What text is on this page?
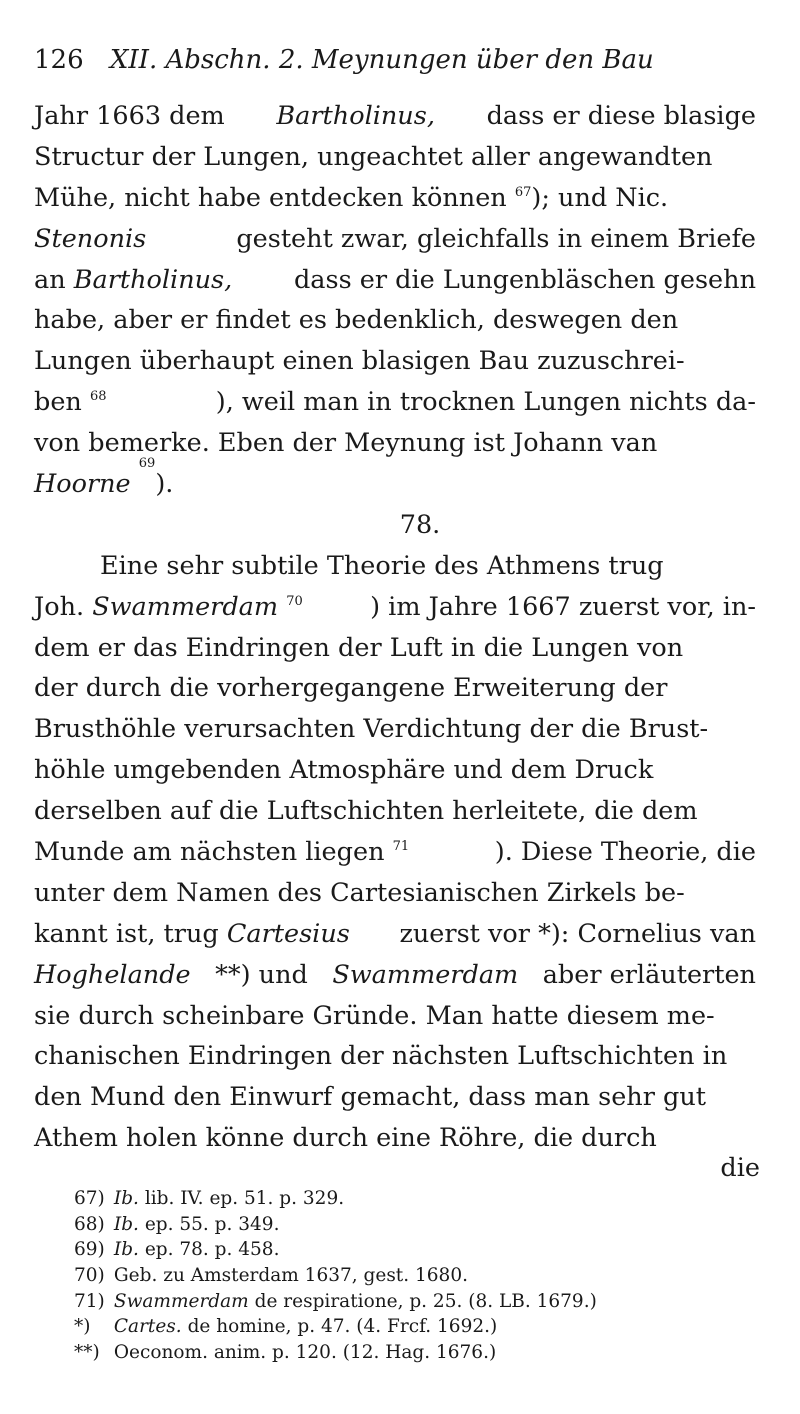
126 XII. Abschn. 2. Meynungen über den Bau
Jahr 1663 dem Bartholinus, dass er diese blasige
Structur der Lungen, ungeachtet aller angewandten
Mühe, nicht habe entdecken können $^{67}$); und Nic.
Stenonis	gesteht zwar, gleichfalls in einem Briefe
an Bartholinus, dass er die Lungenbläschen gesehn
habe, aber er findet es bedenklich, deswegen den
Lungen überhaupt einen blasigen Bau zuzuschrei-
ben $^{68}$	), weil man in trocknen Lungen nichts da-
von bemerke. Eben der Meynung ist Johann van
Hoorne

69
).
78.
Eine sehr subtile Theorie des Athmens trug
Joh. Swammerdam $^{70}$	) im Jahre 1667 zuerst vor, in-
dem er das Eindringen der Luft in die Lungen von
der durch die vorhergegangene Erweiterung der
Brusthöhle verursachten Verdichtung der die Brust-
höhle umgebenden Atmosphäre und dem Druck
derselben auf die Luftschichten herleitete, die dem
Munde am nächsten liegen $^{71}$	). Diese Theorie, die
unter dem Namen des Cartesianischen Zirkels be-
kannt ist, trug Cartesius zuerst vor *): Cornelius van
Hoghelande **) und Swammerdam aber erläuterten
sie durch scheinbare Gründe. Man hatte diesem me-
chanischen Eindringen der nächsten Luftschichten in
den Mund den Einwurf gemacht, dass man sehr gut
Athem holen könne durch eine Röhre, die durch
die
67) Ib. lib. IV. ep. 51. p. 329.
68) Ib. ep. 55. p. 349.
69) Ib. ep. 78. p. 458.
70) Geb. zu Amsterdam 1637, gest. 1680.
71) Swammerdam de respiratione, p. 25. (8. LB. 1679.)
*) Cartes. de homine, p. 47. (4. Frcf. 1692.)
**) Oeconom. anim. p. 120. (12. Hag. 1676.)
